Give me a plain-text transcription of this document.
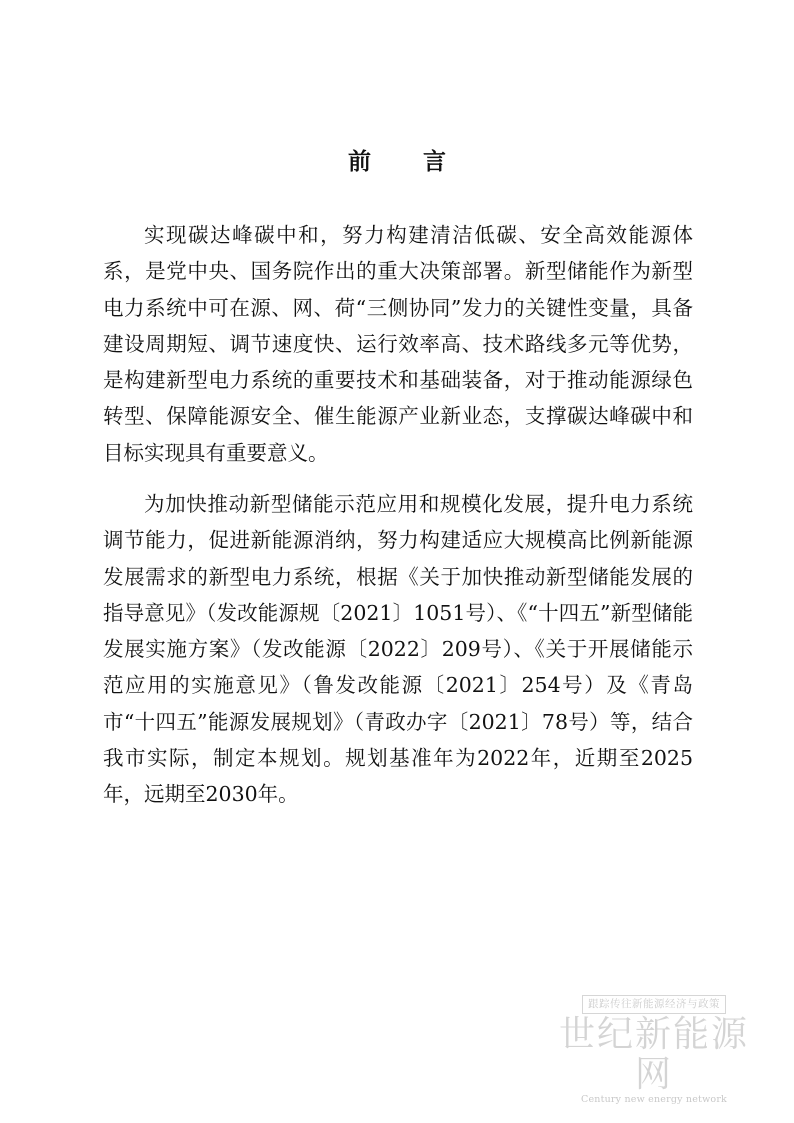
前 言

实现碳达峰碳中和，努力构建清洁低碳、安全高效能源体系，是党中央、国务院作出的重大决策部署。新型储能作为新型电力系统中可在源、网、荷“三侧协同”发力的关键性变量，具备建设周期短、调节速度快、运行效率高、技术路线多元等优势，是构建新型电力系统的重要技术和基础装备，对于推动能源绿色转型、保障能源安全、催生能源产业新业态，支撑碳达峰碳中和目标实现具有重要意义。

为加快推动新型储能示范应用和规模化发展，提升电力系统调节能力，促进新能源消纳，努力构建适应大规模高比例新能源发展需求的新型电力系统，根据《关于加快推动新型储能发展的指导意见》（发改能源规〔2021〕1051号）、《“十四五”新型储能发展实施方案》（发改能源〔2022〕209号）、《关于开展储能示范应用的实施意见》（鲁发改能源〔2021〕254号）及《青岛市“十四五”能源发展规划》（青政办字〔2021〕78号）等，结合我市实际，制定本规划。规划基准年为2022年，近期至2025年，远期至2030年。

跟踪传往新能源经济与政策
世纪新能源网
Century new energy network
